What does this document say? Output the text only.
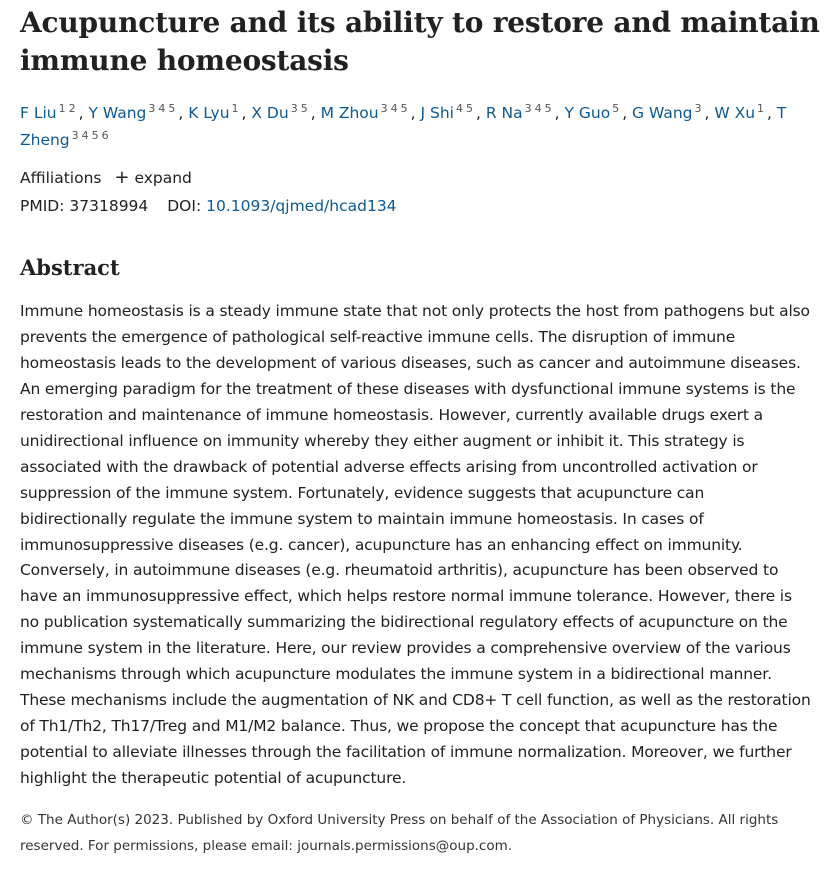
Acupuncture and its ability to restore and maintain immune homeostasis
F Liu $^{1 2}$ , Y Wang $^{3 4 5}$ , K Lyu $^1$ , X Du $^{3 5}$ , M Zhou $^{3 4 5}$ , J Shi $^{4 5}$ , R Na $^{3 4 5}$ , Y Guo $^5$ , G Wang $^3$ , W Xu $^1$ , T Zheng $^{3 4 5 6}$
Affiliations + expand
PMID: 37318994 DOI: 10.1093/qjmed/hcad134
Abstract

Immune homeostasis is a steady immune state that not only protects the host from pathogens but also prevents the emergence of pathological self-reactive immune cells. The disruption of immune homeostasis leads to the development of various diseases, such as cancer and autoimmune diseases. An emerging paradigm for the treatment of these diseases with dysfunctional immune systems is the restoration and maintenance of immune homeostasis. However, currently available drugs exert a unidirectional influence on immunity whereby they either augment or inhibit it. This strategy is associated with the drawback of potential adverse effects arising from uncontrolled activation or suppression of the immune system. Fortunately, evidence suggests that acupuncture can bidirectionally regulate the immune system to maintain immune homeostasis. In cases of immunosuppressive diseases (e.g. cancer), acupuncture has an enhancing effect on immunity. Conversely, in autoimmune diseases (e.g. rheumatoid arthritis), acupuncture has been observed to have an immunosuppressive effect, which helps restore normal immune tolerance. However, there is no publication systematically summarizing the bidirectional regulatory effects of acupuncture on the immune system in the literature. Here, our review provides a comprehensive overview of the various mechanisms through which acupuncture modulates the immune system in a bidirectional manner. These mechanisms include the augmentation of NK and CD8+ T cell function, as well as the restoration of Th1/Th2, Th17/Treg and M1/M2 balance. Thus, we propose the concept that acupuncture has the potential to alleviate illnesses through the facilitation of immune normalization. Moreover, we further highlight the therapeutic potential of acupuncture.

© The Author(s) 2023. Published by Oxford University Press on behalf of the Association of Physicians. All rights reserved. For permissions, please email: journals.permissions@oup.com.
